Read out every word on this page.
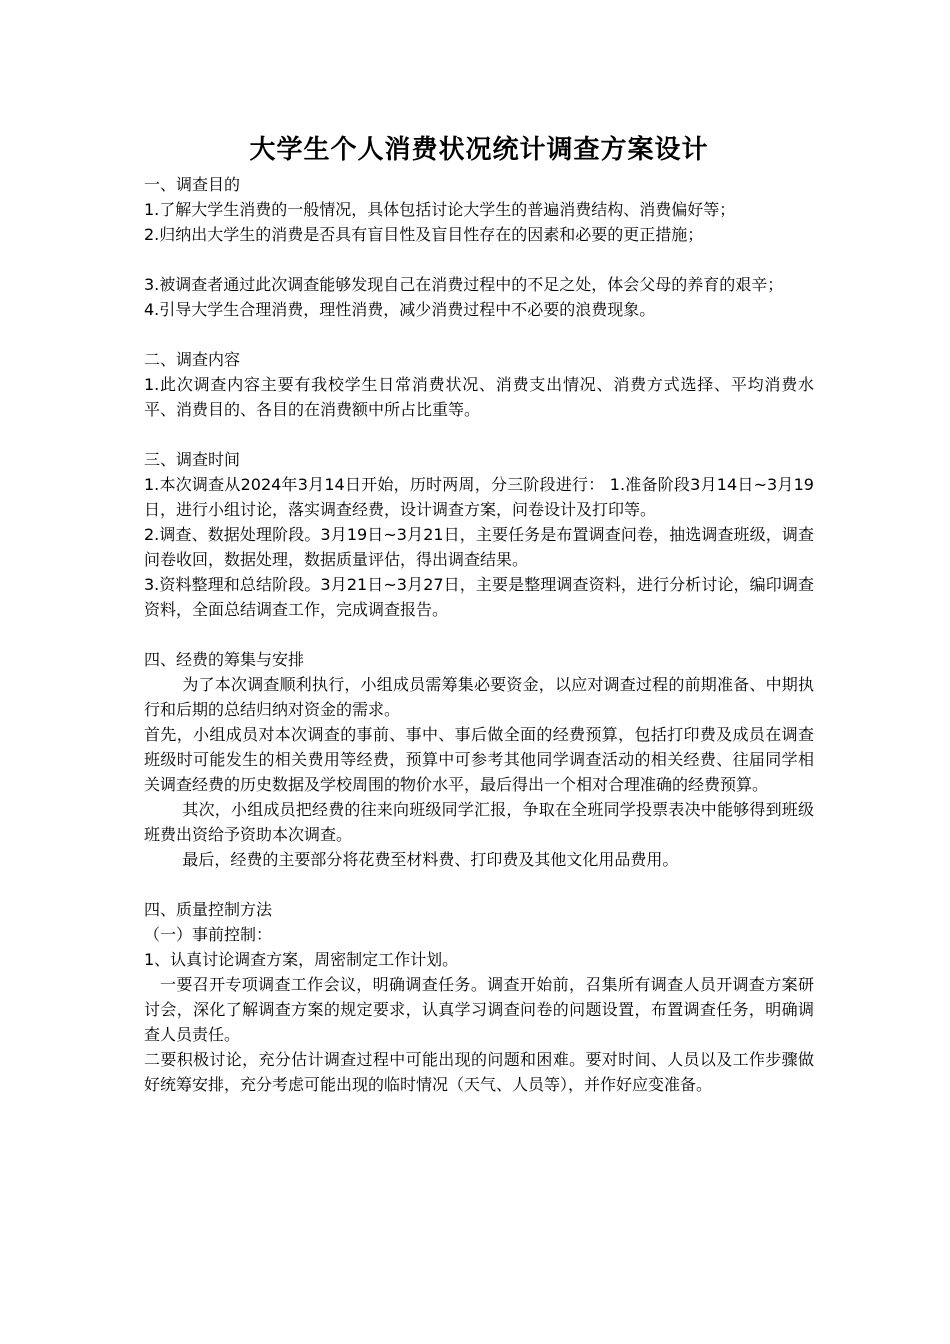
大学生个人消费状况统计调查方案设计

一、调查目的

1.了解大学生消费的一般情况，具体包括讨论大学生的普遍消费结构、消费偏好等；

2.归纳出大学生的消费是否具有盲目性及盲目性存在的因素和必要的更正措施；

3.被调查者通过此次调查能够发现自己在消费过程中的不足之处，体会父母的养育的艰辛；

4.引导大学生合理消费，理性消费，减少消费过程中不必要的浪费现象。

二、调查内容

1.此次调查内容主要有我校学生日常消费状况、消费支出情况、消费方式选择、平均消费水平、消费目的、各目的在消费额中所占比重等。

三、调查时间

1.本次调查从2024年3月14日开始，历时两周，分三阶段进行： 1.准备阶段3月14日~3月19日，进行小组讨论，落实调查经费，设计调查方案，问卷设计及打印等。

2.调查、数据处理阶段。3月19日~3月21日，主要任务是布置调查问卷，抽选调查班级，调查问卷收回，数据处理，数据质量评估，得出调查结果。

3.资料整理和总结阶段。3月21日~3月27日，主要是整理调查资料，进行分析讨论，编印调查资料，全面总结调查工作，完成调查报告。

四、经费的筹集与安排

为了本次调查顺利执行，小组成员需筹集必要资金，以应对调查过程的前期准备、中期执行和后期的总结归纳对资金的需求。

首先，小组成员对本次调查的事前、事中、事后做全面的经费预算，包括打印费及成员在调查班级时可能发生的相关费用等经费，预算中可参考其他同学调查活动的相关经费、往届同学相关调查经费的历史数据及学校周围的物价水平，最后得出一个相对合理准确的经费预算。

其次，小组成员把经费的往来向班级同学汇报，争取在全班同学投票表决中能够得到班级班费出资给予资助本次调查。

最后，经费的主要部分将花费至材料费、打印费及其他文化用品费用。

四、质量控制方法

（一）事前控制：

1、认真讨论调查方案，周密制定工作计划。

一要召开专项调查工作会议，明确调查任务。调查开始前，召集所有调查人员开调查方案研讨会，深化了解调查方案的规定要求，认真学习调查问卷的问题设置，布置调查任务，明确调查人员责任。

二要积极讨论，充分估计调查过程中可能出现的问题和困难。要对时间、人员以及工作步骤做好统筹安排，充分考虑可能出现的临时情况（天气、人员等），并作好应变准备。
